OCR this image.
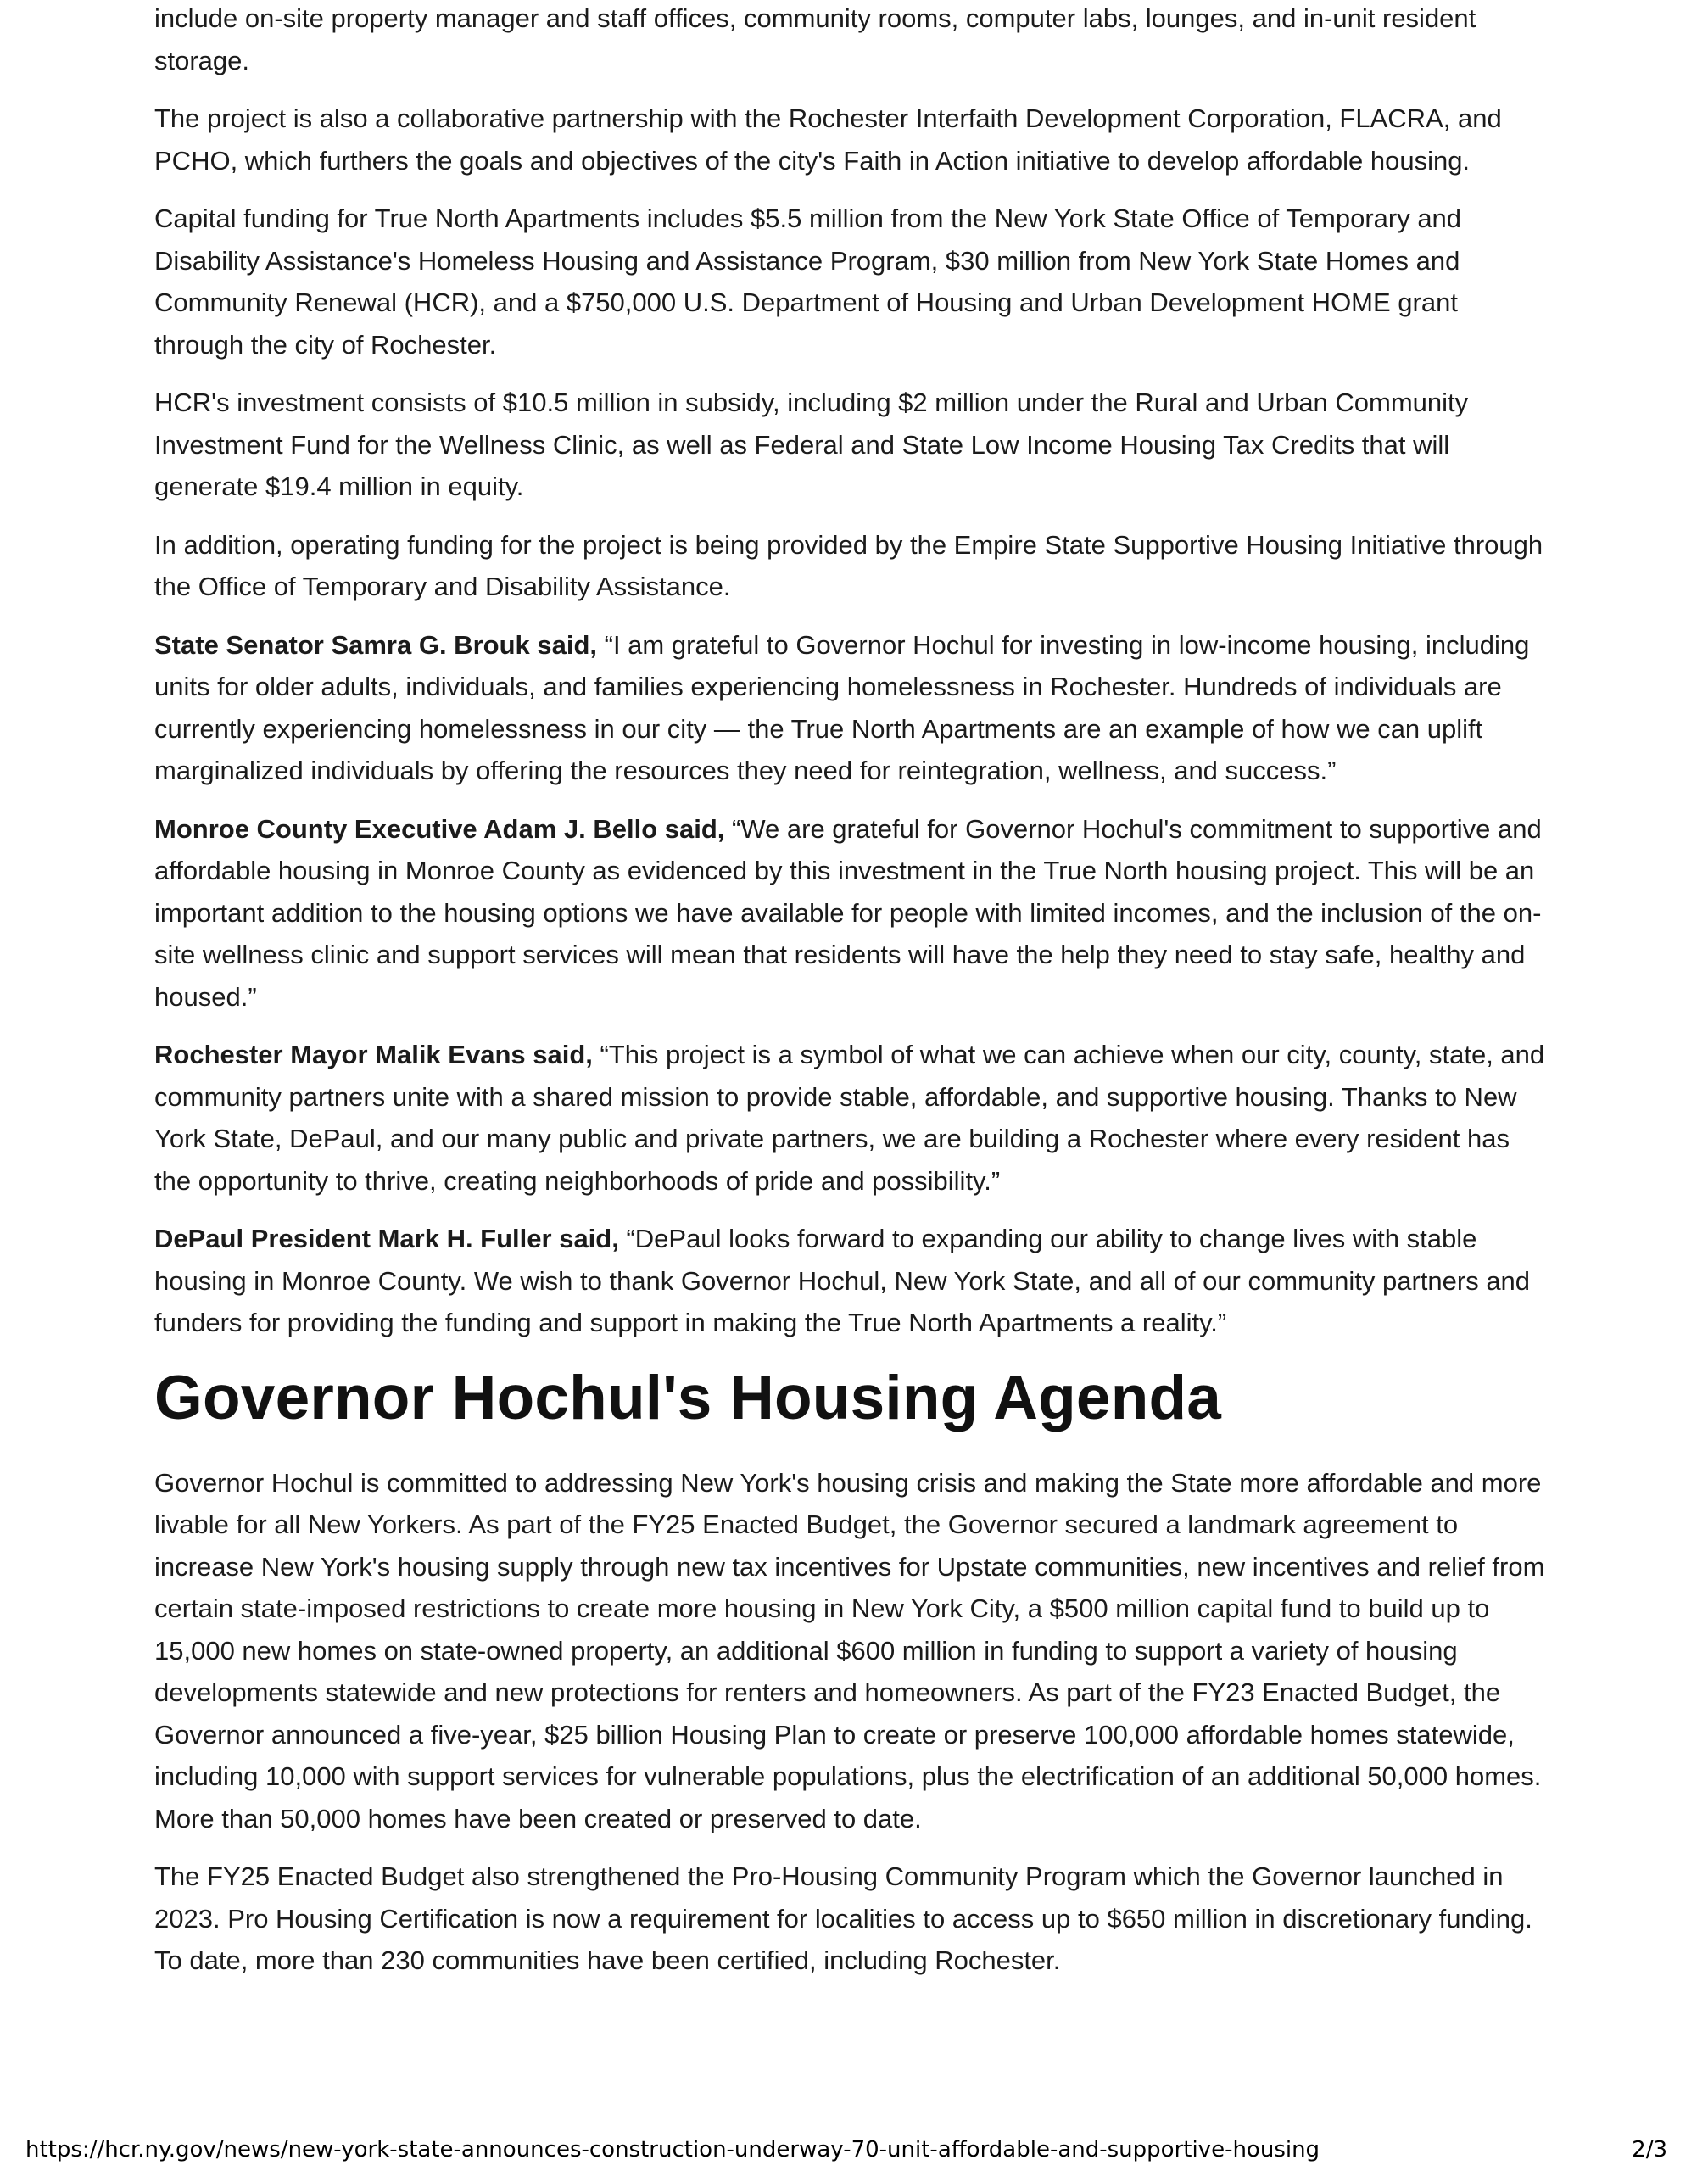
include on-site property manager and staff offices, community rooms, computer labs, lounges, and in-unit resident storage.

The project is also a collaborative partnership with the Rochester Interfaith Development Corporation, FLACRA, and PCHO, which furthers the goals and objectives of the city's Faith in Action initiative to develop affordable housing.

Capital funding for True North Apartments includes $5.5 million from the New York State Office of Temporary and Disability Assistance's Homeless Housing and Assistance Program, $30 million from New York State Homes and Community Renewal (HCR), and a $750,000 U.S. Department of Housing and Urban Development HOME grant through the city of Rochester.

HCR's investment consists of $10.5 million in subsidy, including $2 million under the Rural and Urban Community Investment Fund for the Wellness Clinic, as well as Federal and State Low Income Housing Tax Credits that will generate $19.4 million in equity.

In addition, operating funding for the project is being provided by the Empire State Supportive Housing Initiative through the Office of Temporary and Disability Assistance.

State Senator Samra G. Brouk said, “I am grateful to Governor Hochul for investing in low-income housing, including units for older adults, individuals, and families experiencing homelessness in Rochester. Hundreds of individuals are currently experiencing homelessness in our city — the True North Apartments are an example of how we can uplift marginalized individuals by offering the resources they need for reintegration, wellness, and success.”

Monroe County Executive Adam J. Bello said, “We are grateful for Governor Hochul's commitment to supportive and affordable housing in Monroe County as evidenced by this investment in the True North housing project. This will be an important addition to the housing options we have available for people with limited incomes, and the inclusion of the on-site wellness clinic and support services will mean that residents will have the help they need to stay safe, healthy and housed.”

Rochester Mayor Malik Evans said, “This project is a symbol of what we can achieve when our city, county, state, and community partners unite with a shared mission to provide stable, affordable, and supportive housing. Thanks to New York State, DePaul, and our many public and private partners, we are building a Rochester where every resident has the opportunity to thrive, creating neighborhoods of pride and possibility.”

DePaul President Mark H. Fuller said, “DePaul looks forward to expanding our ability to change lives with stable housing in Monroe County. We wish to thank Governor Hochul, New York State, and all of our community partners and funders for providing the funding and support in making the True North Apartments a reality.”

Governor Hochul's Housing Agenda

Governor Hochul is committed to addressing New York's housing crisis and making the State more affordable and more livable for all New Yorkers. As part of the FY25 Enacted Budget, the Governor secured a landmark agreement to increase New York's housing supply through new tax incentives for Upstate communities, new incentives and relief from certain state-imposed restrictions to create more housing in New York City, a $500 million capital fund to build up to 15,000 new homes on state-owned property, an additional $600 million in funding to support a variety of housing developments statewide and new protections for renters and homeowners. As part of the FY23 Enacted Budget, the Governor announced a five-year, $25 billion Housing Plan to create or preserve 100,000 affordable homes statewide, including 10,000 with support services for vulnerable populations, plus the electrification of an additional 50,000 homes. More than 50,000 homes have been created or preserved to date.

The FY25 Enacted Budget also strengthened the Pro-Housing Community Program which the Governor launched in 2023. Pro Housing Certification is now a requirement for localities to access up to $650 million in discretionary funding. To date, more than 230 communities have been certified, including Rochester.

https://hcr.ny.gov/news/new-york-state-announces-construction-underway-70-unit-affordable-and-supportive-housing	2/3
